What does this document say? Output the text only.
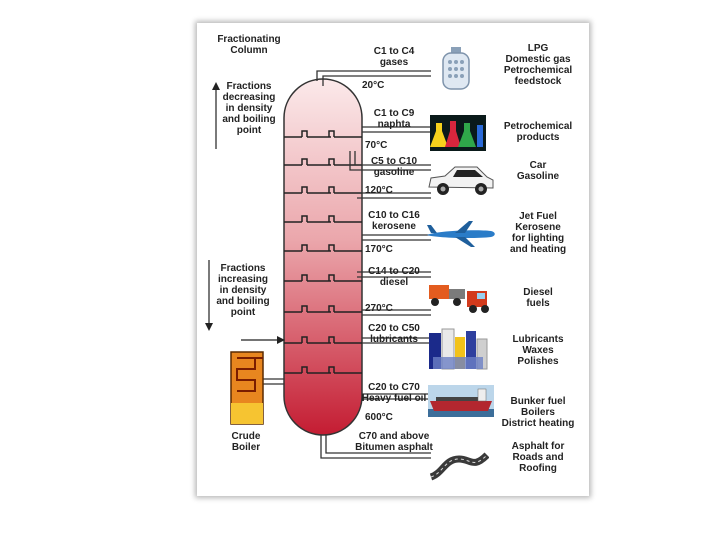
Fractionating
Column
Fractions
decreasing
in density
and boiling
point
Fractions
increasing
in density
and boiling
point
Crude
Boiler
C1 to C4
gases
C1 to C9
naphta
C5 to C10
gasoline
C10 to C16
kerosene
C14 to C20
diesel
C20 to C50
lubricants
C20 to C70
Heavy fuel oil
C70 and above
Bitumen asphalt
20°C
70°C
120°C
170°C
270°C
600°C
LPG
Domestic gas
Petrochemical
feedstock
Petrochemical
products
Car
Gasoline
Jet Fuel
Kerosene
for lighting
and heating
Diesel
fuels
Lubricants
Waxes
Polishes
Bunker fuel
Boilers
District heating
Asphalt for
Roads and
Roofing
